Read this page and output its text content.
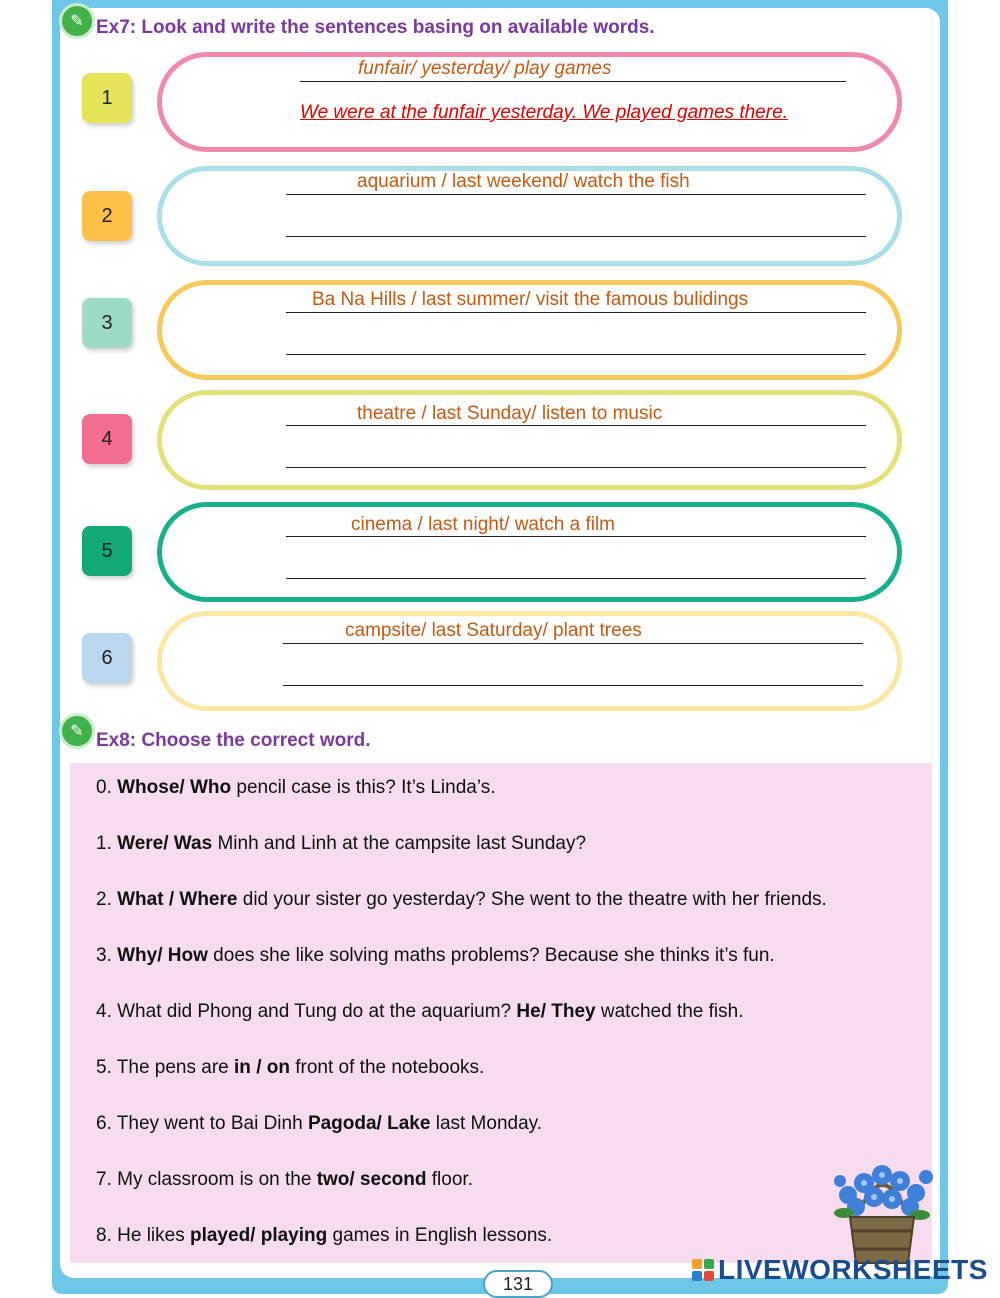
✎ Ex7: Look and write the sentences basing on available words.
1
funfair/ yesterday/ play games
We were at the funfair yesterday. We played games there.
2
aquarium / last weekend/ watch the fish
3
Ba Na Hills / last summer/ visit the famous bulidings
4
theatre / last Sunday/ listen to music
5
cinema / last night/ watch a film
6
campsite/ last Saturday/ plant trees
✎ Ex8: Choose the correct word.
0. Whose/ Who pencil case is this? It’s Linda’s.
1. Were/ Was Minh and Linh at the campsite last Sunday?
2. What / Where did your sister go yesterday? She went to the theatre with her friends.
3. Why/ How does she like solving maths problems? Because she thinks it’s fun.
4. What did Phong and Tung do at the aquarium? He/ They watched the fish.
5. The pens are in / on front of the notebooks.
6. They went to Bai Dinh Pagoda/ Lake last Monday.
7. My classroom is on the two/ second floor.
8. He likes played/ playing games in English lessons.
131	LIVEWORKSHEETS
